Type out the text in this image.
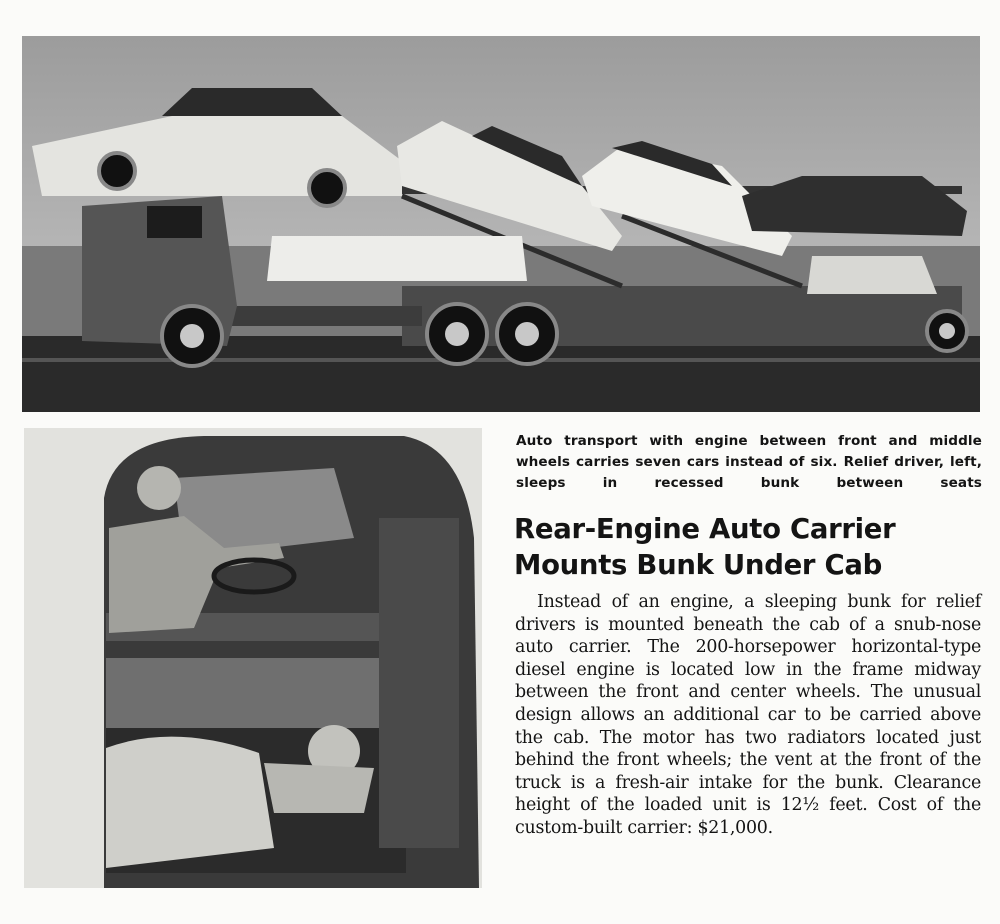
Auto transport with engine between front and middle wheels carries seven cars instead of six. Relief driver, left, sleeps in recessed bunk between seats

Rear-Engine Auto Carrier
Mounts Bunk Under Cab

Instead of an engine, a sleeping bunk for relief drivers is mounted beneath the cab of a snub-nose auto carrier. The 200-horsepower horizontal-type diesel engine is located low in the frame midway between the front and center wheels. The unusual design allows an additional car to be carried above the cab. The motor has two radiators located just behind the front wheels; the vent at the front of the truck is a fresh-air intake for the bunk. Clearance height of the loaded unit is 12½ feet. Cost of the custom-built carrier: $21,000.
